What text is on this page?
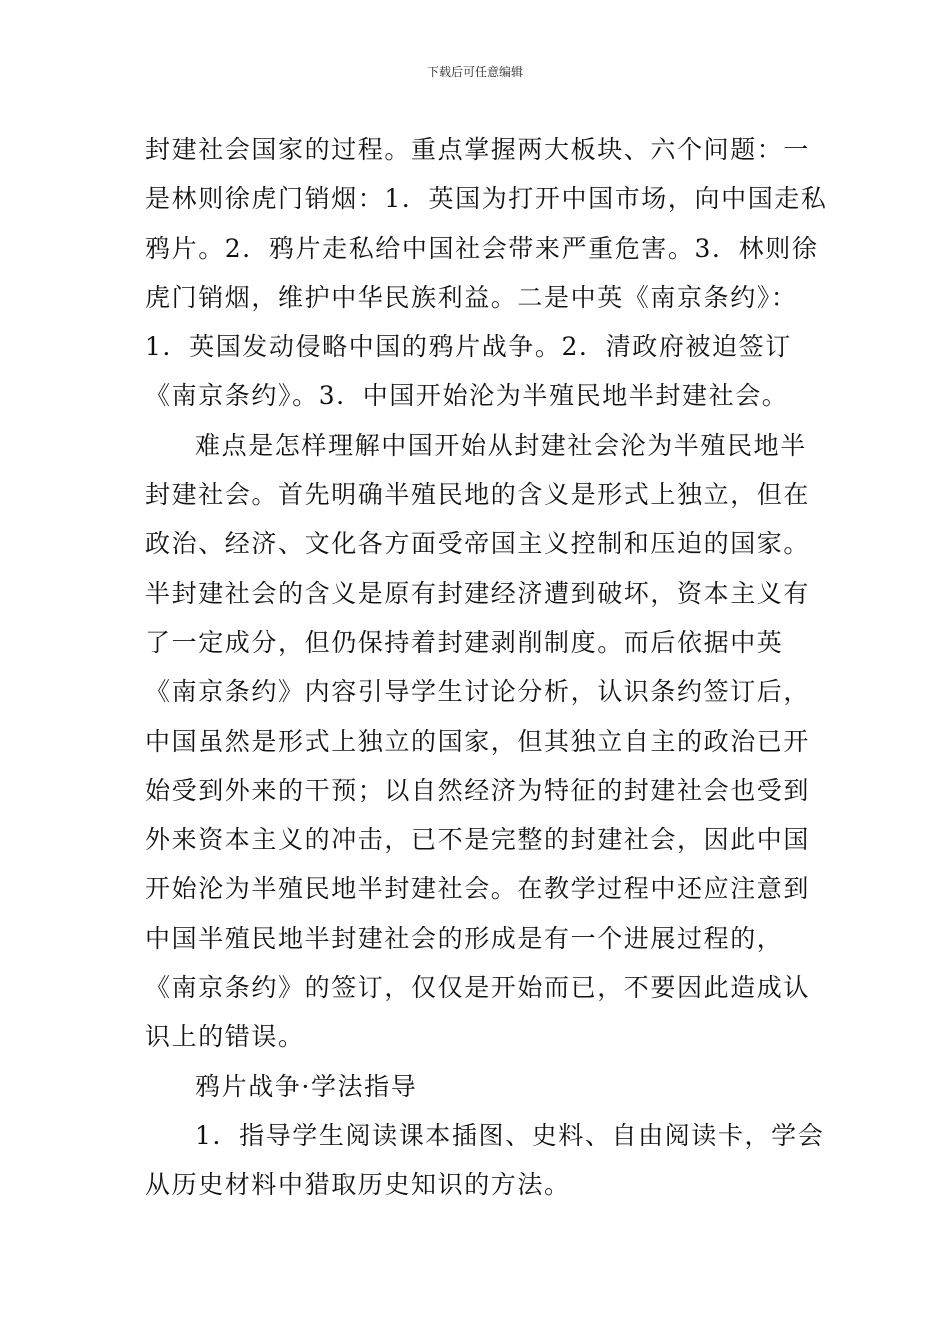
下载后可任意编辑
封建社会国家的过程。重点掌握两大板块、六个问题：一
是林则徐虎门销烟：1．英国为打开中国市场，向中国走私
鸦片。2．鸦片走私给中国社会带来严重危害。3．林则徐
虎门销烟，维护中华民族利益。二是中英《南京条约》：
1．英国发动侵略中国的鸦片战争。2．清政府被迫签订
《南京条约》。3．中国开始沦为半殖民地半封建社会。
难点是怎样理解中国开始从封建社会沦为半殖民地半
封建社会。首先明确半殖民地的含义是形式上独立，但在
政治、经济、文化各方面受帝国主义控制和压迫的国家。
半封建社会的含义是原有封建经济遭到破坏，资本主义有
了一定成分，但仍保持着封建剥削制度。而后依据中英
《南京条约》内容引导学生讨论分析，认识条约签订后，
中国虽然是形式上独立的国家，但其独立自主的政治已开
始受到外来的干预；以自然经济为特征的封建社会也受到
外来资本主义的冲击，已不是完整的封建社会，因此中国
开始沦为半殖民地半封建社会。在教学过程中还应注意到
中国半殖民地半封建社会的形成是有一个进展过程的，
《南京条约》的签订，仅仅是开始而已，不要因此造成认
识上的错误。
鸦片战争·学法指导
1．指导学生阅读课本插图、史料、自由阅读卡，学会
从历史材料中猎取历史知识的方法。
